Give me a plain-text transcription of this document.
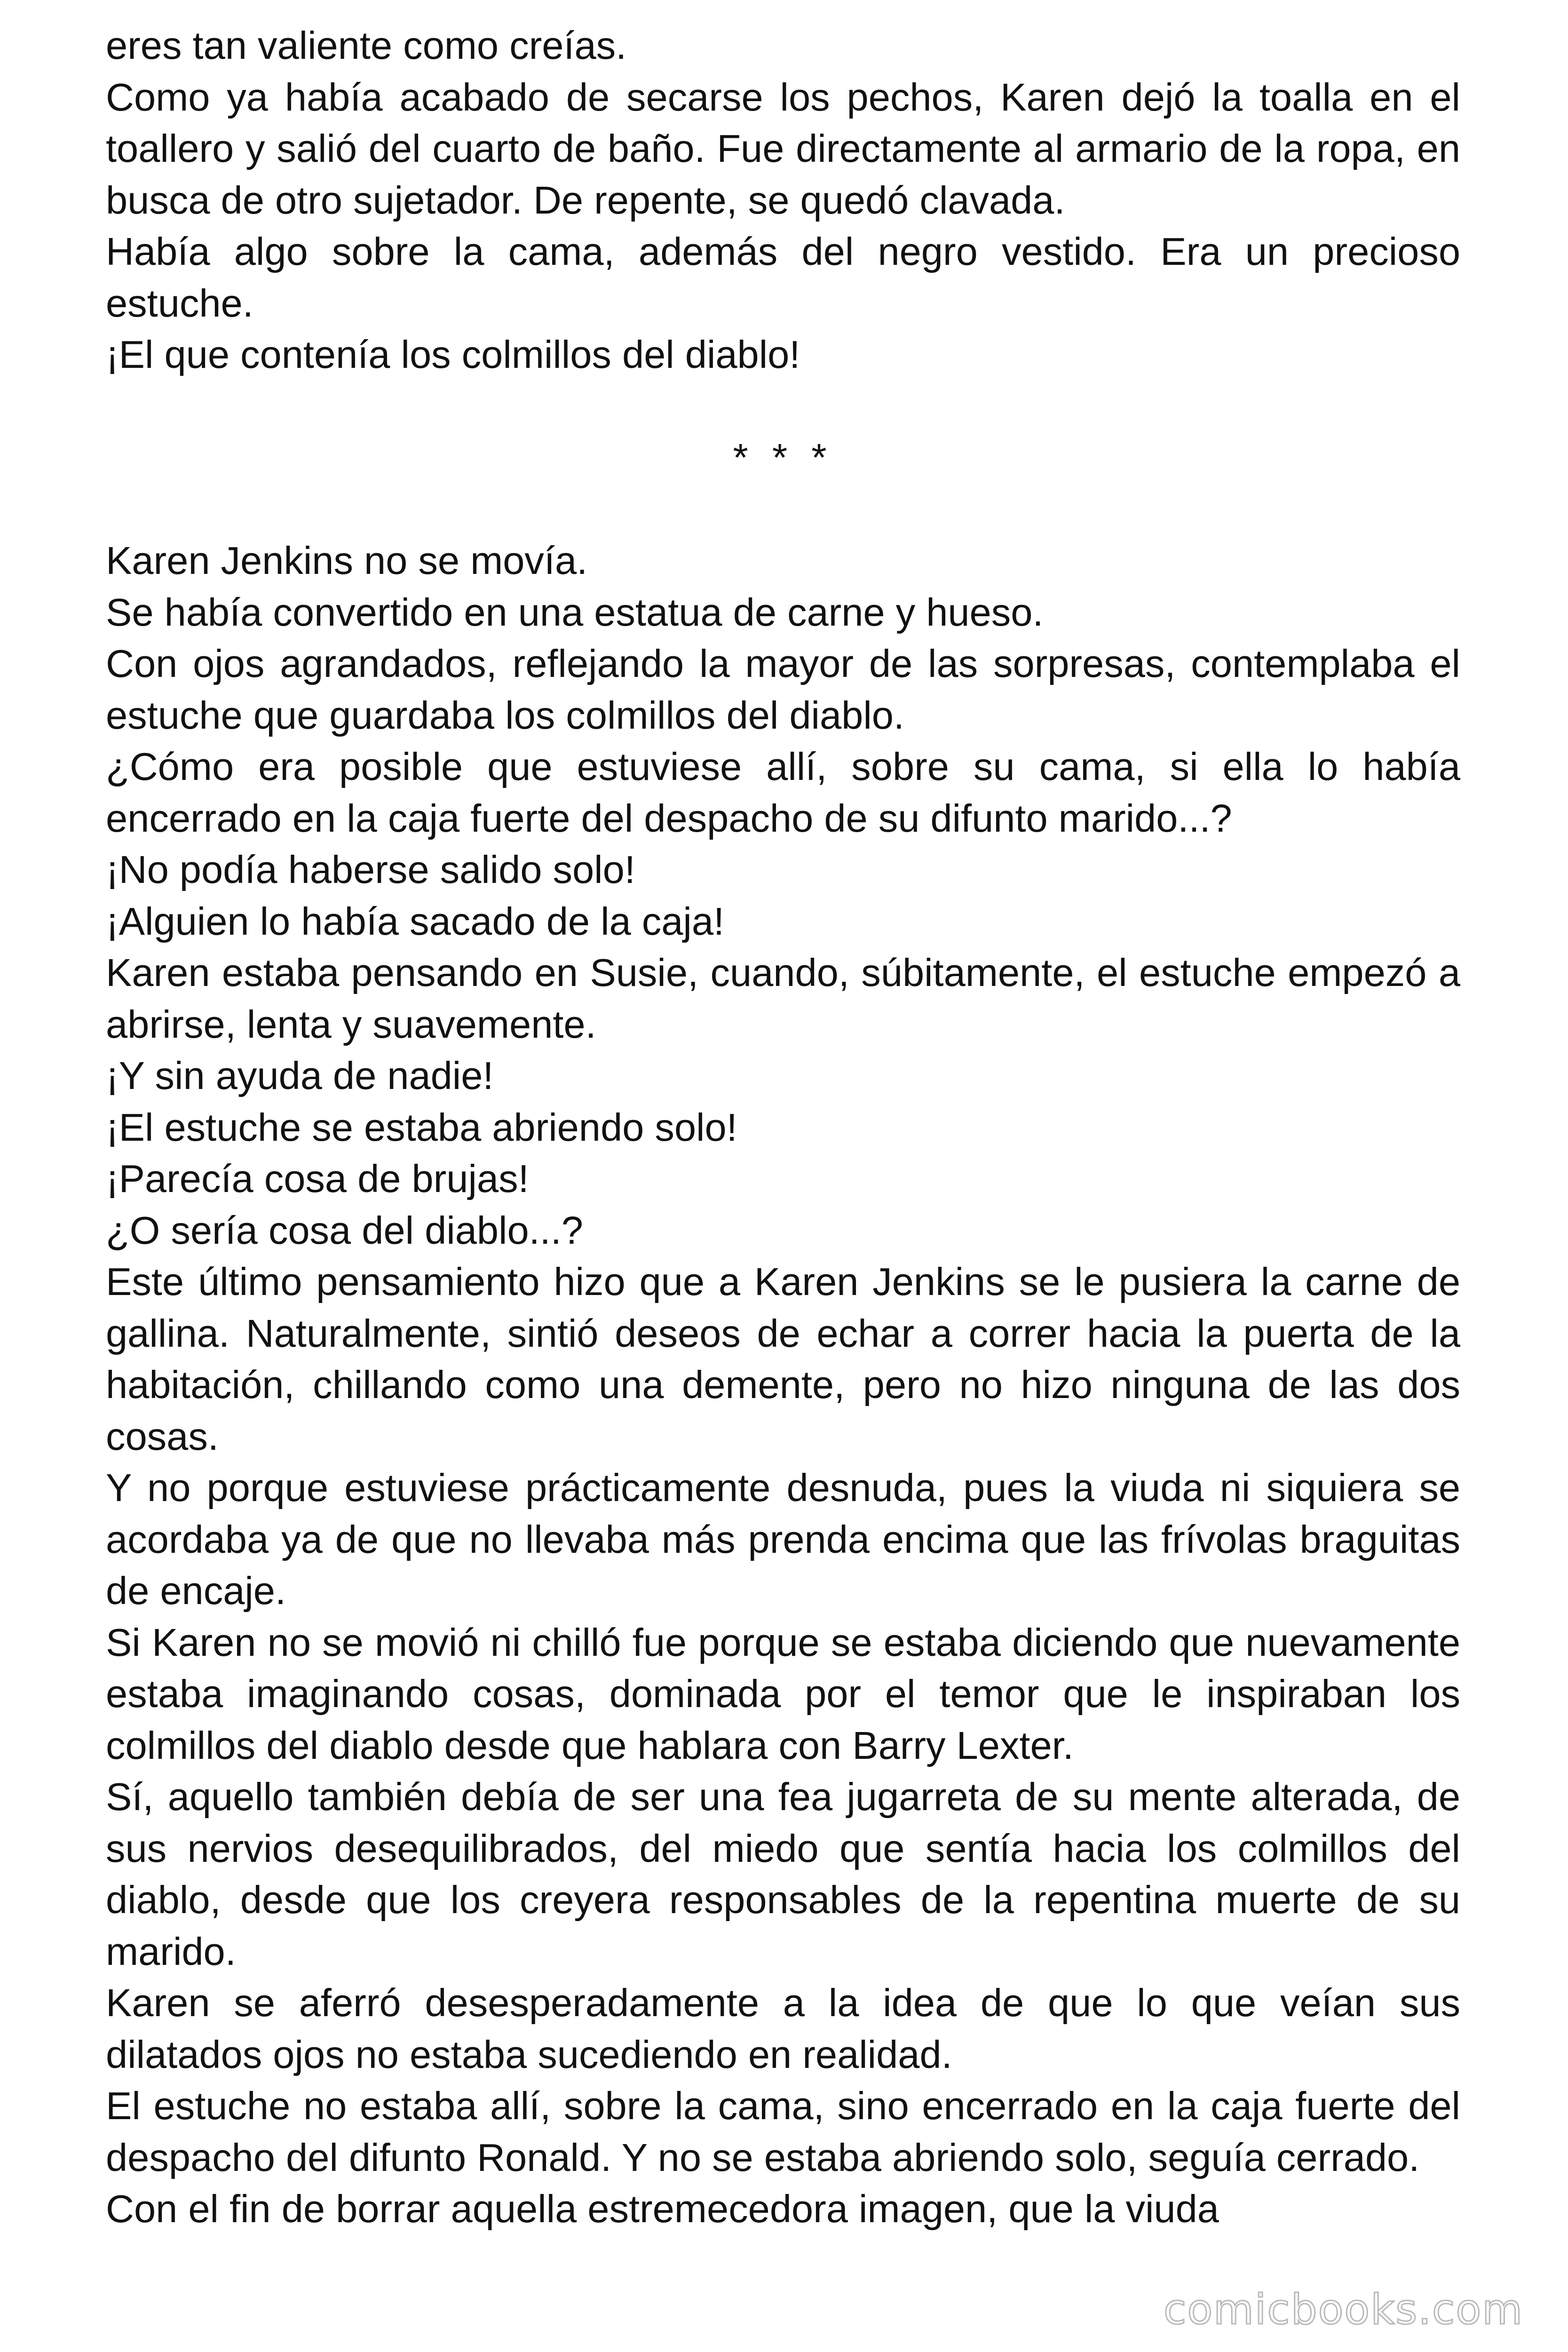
eres tan valiente como creías.

Como ya había acabado de secarse los pechos, Karen dejó la toalla en el toallero y salió del cuarto de baño. Fue directamente al armario de la ropa, en busca de otro sujetador. De repente, se quedó clavada.

Había algo sobre la cama, además del negro vestido. Era un precioso estuche.

¡El que contenía los colmillos del diablo!

* * *

Karen Jenkins no se movía.

Se había convertido en una estatua de carne y hueso.

Con ojos agrandados, reflejando la mayor de las sorpresas, contemplaba el estuche que guardaba los colmillos del diablo.

¿Cómo era posible que estuviese allí, sobre su cama, si ella lo había encerrado en la caja fuerte del despacho de su difunto marido...?

¡No podía haberse salido solo!

¡Alguien lo había sacado de la caja!

Karen estaba pensando en Susie, cuando, súbitamente, el estuche empezó a abrirse, lenta y suavemente.

¡Y sin ayuda de nadie!

¡El estuche se estaba abriendo solo!

¡Parecía cosa de brujas!

¿O sería cosa del diablo...?

Este último pensamiento hizo que a Karen Jenkins se le pusiera la carne de gallina. Naturalmente, sintió deseos de echar a correr hacia la puerta de la habitación, chillando como una demente, pero no hizo ninguna de las dos cosas.

Y no porque estuviese prácticamente desnuda, pues la viuda ni siquiera se acordaba ya de que no llevaba más prenda encima que las frívolas braguitas de encaje.

Si Karen no se movió ni chilló fue porque se estaba diciendo que nuevamente estaba imaginando cosas, dominada por el temor que le inspiraban los colmillos del diablo desde que hablara con Barry Lexter.

Sí, aquello también debía de ser una fea jugarreta de su mente alterada, de sus nervios desequilibrados, del miedo que sentía hacia los colmillos del diablo, desde que los creyera responsables de la repentina muerte de su marido.

Karen se aferró desesperadamente a la idea de que lo que veían sus dilatados ojos no estaba sucediendo en realidad.

El estuche no estaba allí, sobre la cama, sino encerrado en la caja fuerte del despacho del difunto Ronald. Y no se estaba abriendo solo, seguía cerrado.

Con el fin de borrar aquella estremecedora imagen, que la viuda

comicbooks.com
